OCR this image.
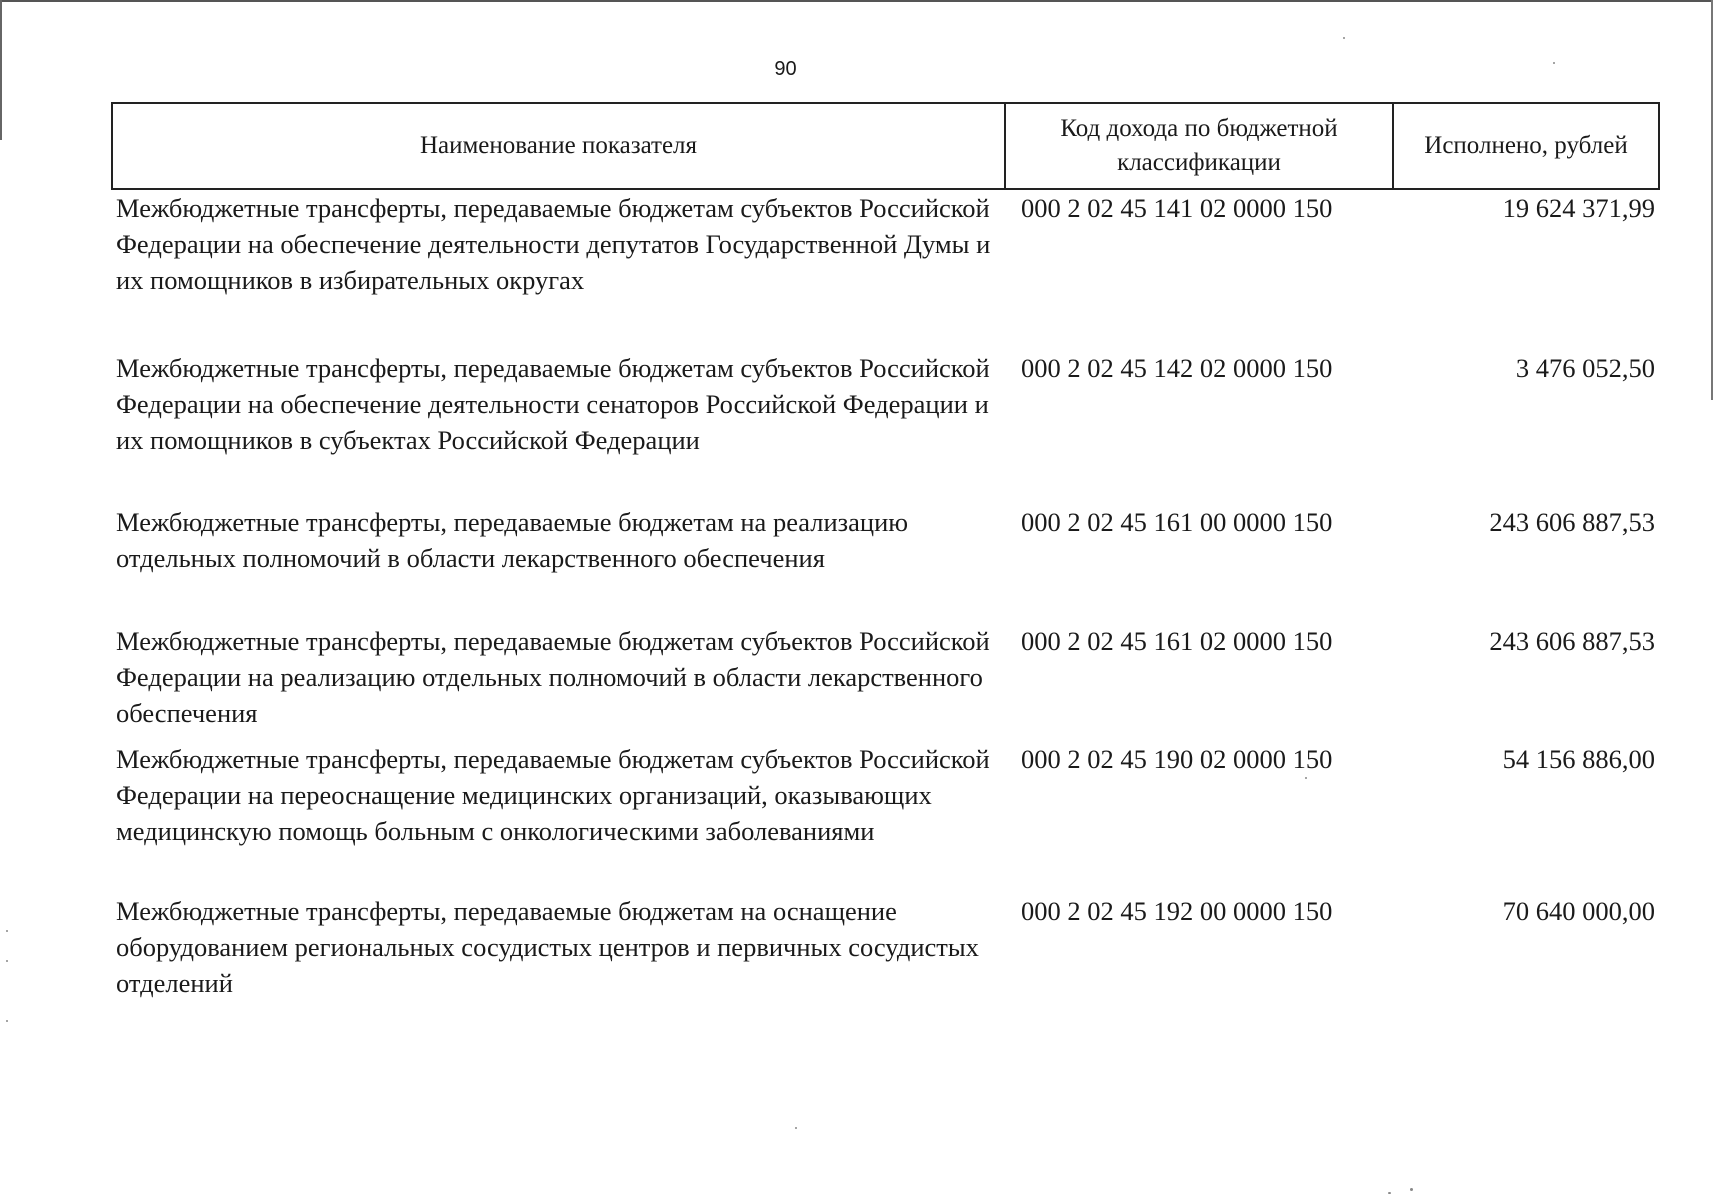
90
Наименование показателя	Код дохода по бюджетной классификации	Исполнено, рублей
Межбюджетные трансферты, передаваемые бюджетам субъектов Российской Федерации на обеспечение деятельности депутатов Государственной Думы и их помощников в избирательных округах	000 2 02 45 141 02 0000 150	19 624 371,99
Межбюджетные трансферты, передаваемые бюджетам субъектов Российской Федерации на обеспечение деятельности сенаторов Российской Федерации и их помощников в субъектах Российской Федерации	000 2 02 45 142 02 0000 150	3 476 052,50
Межбюджетные трансферты, передаваемые бюджетам на реализацию отдельных полномочий в области лекарственного обеспечения	000 2 02 45 161 00 0000 150	243 606 887,53
Межбюджетные трансферты, передаваемые бюджетам субъектов Российской Федерации на реализацию отдельных полномочий в области лекарственного обеспечения	000 2 02 45 161 02 0000 150	243 606 887,53
Межбюджетные трансферты, передаваемые бюджетам субъектов Российской Федерации на переоснащение медицинских организаций, оказывающих медицинскую помощь больным с онкологическими заболеваниями	000 2 02 45 190 02 0000 150	54 156 886,00
Межбюджетные трансферты, передаваемые бюджетам на оснащение оборудованием региональных сосудистых центров и первичных сосудистых отделений	000 2 02 45 192 00 0000 150	70 640 000,00
